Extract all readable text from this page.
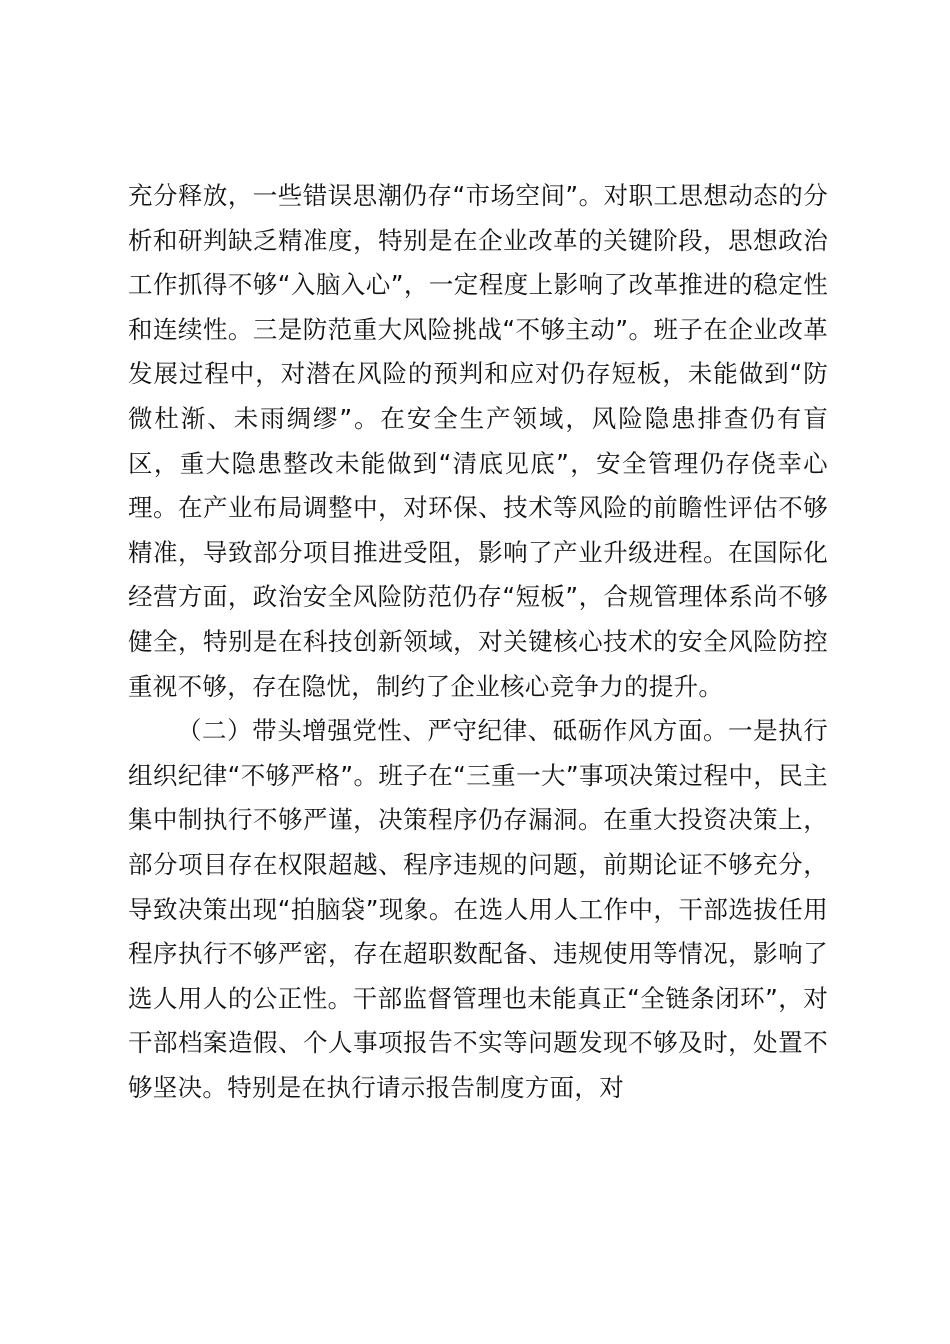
充分释放，一些错误思潮仍存“市场空间”。对职工思想动态的分析和研判缺乏精准度，特别是在企业改革的关键阶段，思想政治工作抓得不够“入脑入心”，一定程度上影响了改革推进的稳定性和连续性。三是防范重大风险挑战“不够主动”。班子在企业改革发展过程中，对潜在风险的预判和应对仍存短板，未能做到“防微杜渐、未雨绸缪”。在安全生产领域，风险隐患排查仍有盲区，重大隐患整改未能做到“清底见底”，安全管理仍存侥幸心理。在产业布局调整中，对环保、技术等风险的前瞻性评估不够精准，导致部分项目推进受阻，影响了产业升级进程。在国际化经营方面，政治安全风险防范仍存“短板”，合规管理体系尚不够健全，特别是在科技创新领域，对关键核心技术的安全风险防控重视不够，存在隐忧，制约了企业核心竞争力的提升。

（二）带头增强党性、严守纪律、砥砺作风方面。一是执行组织纪律“不够严格”。班子在“三重一大”事项决策过程中，民主集中制执行不够严谨，决策程序仍存漏洞。在重大投资决策上，部分项目存在权限超越、程序违规的问题，前期论证不够充分，导致决策出现“拍脑袋”现象。在选人用人工作中，干部选拔任用程序执行不够严密，存在超职数配备、违规使用等情况，影响了选人用人的公正性。干部监督管理也未能真正“全链条闭环”，对干部档案造假、个人事项报告不实等问题发现不够及时，处置不够坚决。特别是在执行请示报告制度方面，对
